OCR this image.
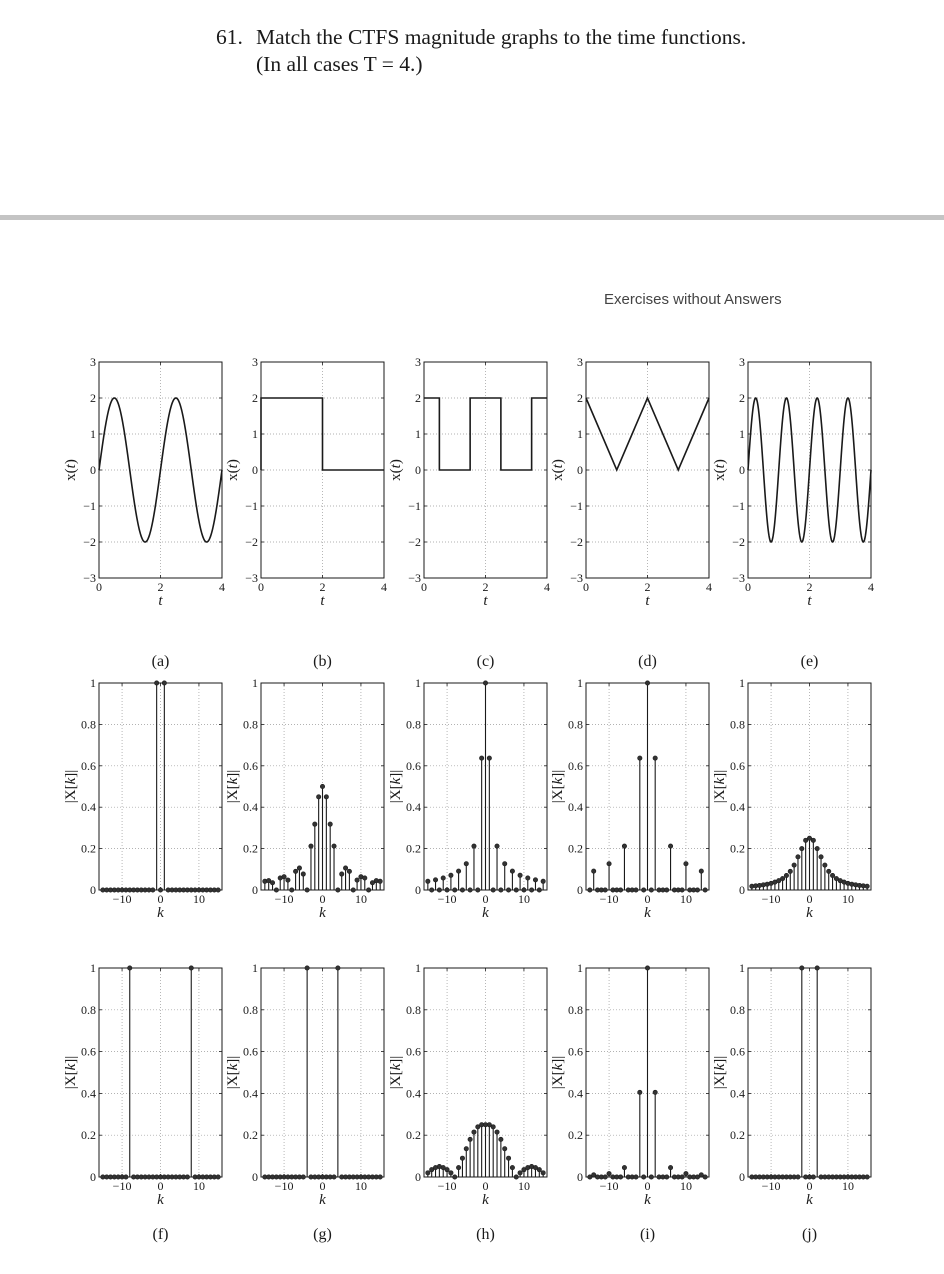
61. Match the CTFS magnitude graphs to the time functions.
(In all cases T = 4.)
Exercises without Answers
−3
−2
−1
0
1
2
3
0	2	4
t
x(t)
(a)
−3
−2
−1
0
1
2
3
0	2	4
t
x(t)
(b)
−3
−2
−1
0
1
2
3
0	2	4
t
x(t)
(c)
−3
−2
−1
0
1
2
3
0	2	4
t
x(t)
(d)
−3
−2
−1
0
1
2
3
0	2	4
t
x(t)
(e)
0
0.2
0.4
0.6
0.8
1
−10 0 10
k
|X[k]|
0
0.2
0.4
0.6
0.8
1
−10 0 10
k
|X[k]|
0
0.2
0.4
0.6
0.8
1
−10 0 10
k
|X[k]|
0
0.2
0.4
0.6
0.8
1
−10 0 10
k
|X[k]|
0
0.2
0.4
0.6
0.8
1
−10 0 10
k
|X[k]|
0
0.2
0.4
0.6
0.8
1
−10 0 10
k
|X[k]|
(f)
0
0.2
0.4
0.6
0.8
1
−10 0 10
k
|X[k]|
(g)
0
0.2
0.4
0.6
0.8
1
−10 0 10
k
|X[k]|
(h)
0
0.2
0.4
0.6
0.8
1
−10 0 10
k
|X[k]|
(i)
0
0.2
0.4
0.6
0.8
1
−10 0 10
k
|X[k]|
(j)
